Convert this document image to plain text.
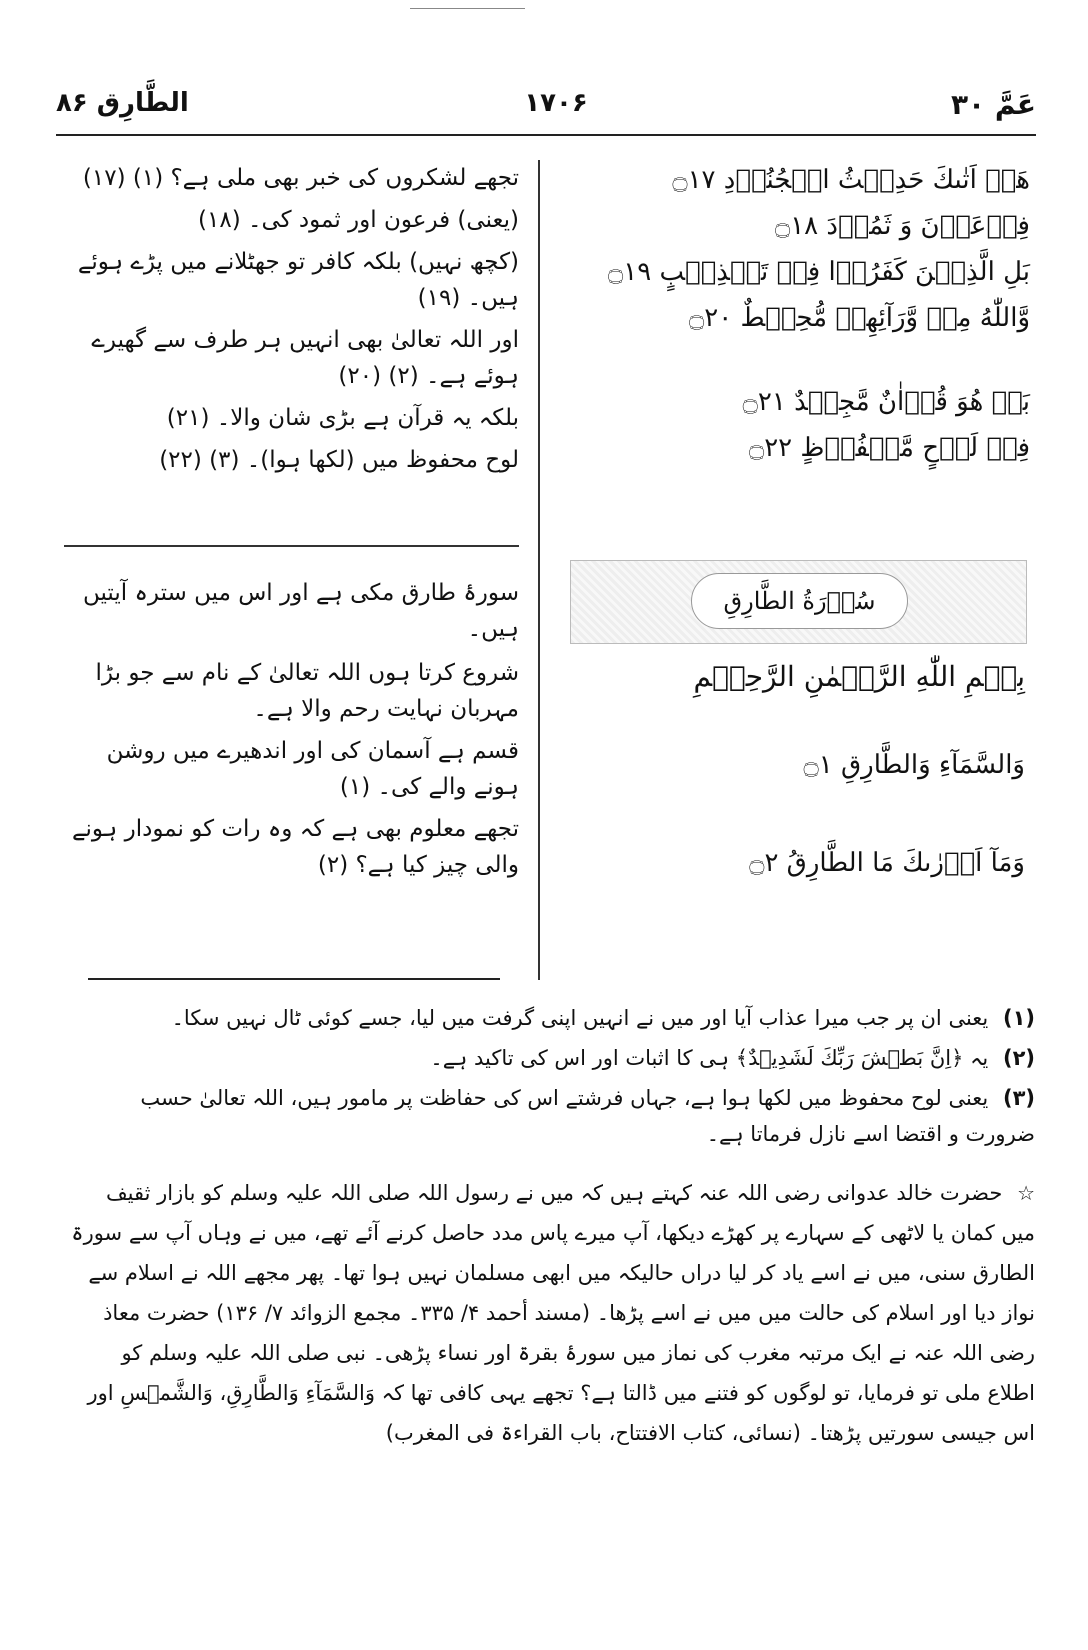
الطَّارِق ۸۶	۱۷۰۶	عَمَّ ۳۰

هَلۡ اَتٰىكَ حَدِيۡثُ الۡجُنُوۡدِ ۝۱۷

فِرۡعَوۡنَ وَ ثَمُوۡدَ ۝۱۸

بَلِ الَّذِيۡنَ كَفَرُوۡا فِىۡ تَكۡذِيۡبٍ ۝۱۹

وَّاللّٰهُ مِنۡ وَّرَآئِهِمۡ مُّحِيۡطٌ ۝۲۰

بَلۡ هُوَ قُرۡاٰنٌ مَّجِيۡدٌ ۝۲۱

فِىۡ لَوۡحٍ مَّحۡفُوۡظٍ ۝۲۲

تجھے لشکروں کی خبر بھی ملی ہے؟ (۱) (۱۷)

(یعنی) فرعون اور ثمود کی۔ (۱۸)

(کچھ نہیں) بلکہ کافر تو جھٹلانے میں پڑے ہوئے ہیں۔ (۱۹)

اور اللہ تعالیٰ بھی انہیں ہر طرف سے گھیرے ہوئے ہے۔ (۲) (۲۰)

بلکہ یہ قرآن ہے بڑی شان والا۔ (۲۱)

لوح محفوظ میں (لکھا ہوا)۔ (۳) (۲۲)

سورۂ طارق مکی ہے اور اس میں سترہ آیتیں ہیں۔

سُوۡرَةُ الطَّارِقِ
بِسۡمِ اللّٰهِ الرَّحۡمٰنِ الرَّحِيۡمِ

وَالسَّمَآءِ وَالطَّارِقِ ۝۱

وَمَآ اَدۡرٰىكَ مَا الطَّارِقُ ۝۲

شروع کرتا ہوں اللہ تعالیٰ کے نام سے جو بڑا مہربان نہایت رحم والا ہے۔

قسم ہے آسمان کی اور اندھیرے میں روشن ہونے والے کی۔ (۱)

تجھے معلوم بھی ہے کہ وہ رات کو نمودار ہونے والی چیز کیا ہے؟ (۲)

(۱) یعنی ان پر جب میرا عذاب آیا اور میں نے انہیں اپنی گرفت میں لیا، جسے کوئی ٹال نہیں سکا۔

(۲) یہ ﴿اِنَّ بَطۡشَ رَبِّكَ لَشَدِيۡدٌ﴾ ہی کا اثبات اور اس کی تاکید ہے۔

(۳) یعنی لوح محفوظ میں لکھا ہوا ہے، جہاں فرشتے اس کی حفاظت پر مامور ہیں، اللہ تعالیٰ حسب ضرورت و اقتضا اسے نازل فرماتا ہے۔

☆ حضرت خالد عدوانی رضی اللہ عنہ کہتے ہیں کہ میں نے رسول اللہ صلی اللہ علیہ وسلم کو بازار ثقیف میں کمان یا لاٹھی کے سہارے پر کھڑے دیکھا، آپ میرے پاس مدد حاصل کرنے آئے تھے، میں نے وہاں آپ سے سورۃ الطارق سنی، میں نے اسے یاد کر لیا دراں حالیکہ میں ابھی مسلمان نہیں ہوا تھا۔ پھر مجھے اللہ نے اسلام سے نواز دیا اور اسلام کی حالت میں میں نے اسے پڑھا۔ (مسند أحمد ۴/ ۳۳۵۔ مجمع الزوائد ۷/ ۱۳۶) حضرت معاذ رضی اللہ عنہ نے ایک مرتبہ مغرب کی نماز میں سورۂ بقرۃ اور نساء پڑھی۔ نبی صلی اللہ علیہ وسلم کو اطلاع ملی تو فرمایا، تو لوگوں کو فتنے میں ڈالتا ہے؟ تجھے یہی کافی تھا کہ وَالسَّمَآءِ وَالطَّارِقِ، وَالشَّمۡسِ اور اس جیسی سورتیں پڑھتا۔ (نسائی، کتاب الافتتاح، باب القراءۃ فی المغرب)
